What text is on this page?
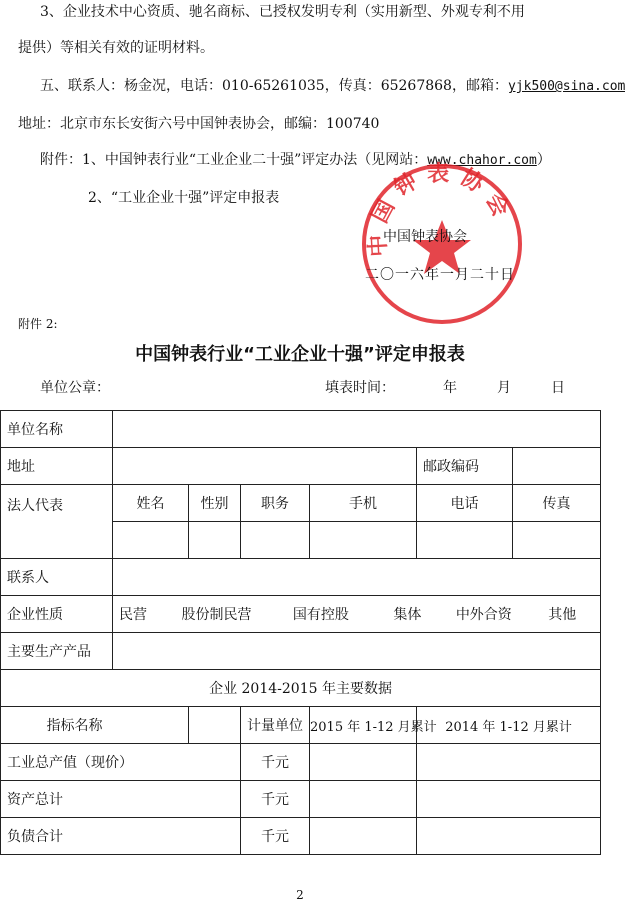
3、企业技术中心资质、驰名商标、已授权发明专利（实用新型、外观专利不用
提供）等相关有效的证明材料。
五、联系人：杨金况，电话：010-65261035，传真：65267868，邮箱：yjk500@sina.com
地址：北京市东长安街六号中国钟表协会，邮编：100740
附件：1、中国钟表行业“工业企业二十强”评定办法（见网站：www.chahor.com）
2、“工业企业十强”评定申报表
中国钟表协会
中国钟表协会
二〇一六年一月二十日
附件 2:
中国钟表行业“工业企业十强”评定申报表
单位公章：	填表时间：	年	月	日
单位名称						
地址					邮政编码	
法人代表	姓名	性别	职务	手机	电话	传真

联系人						
企业性质	民营 股份制民营 国有控股 集体 中外合资 其他					
主要生产产品						
企业 2014-2015 年主要数据						
指标名称			计量单位	2015 年 1-12 月累计	2014 年 1-12 月累计	
工业总产值（现价）			千元			
资产总计			千元			
负债合计			千元			
2
